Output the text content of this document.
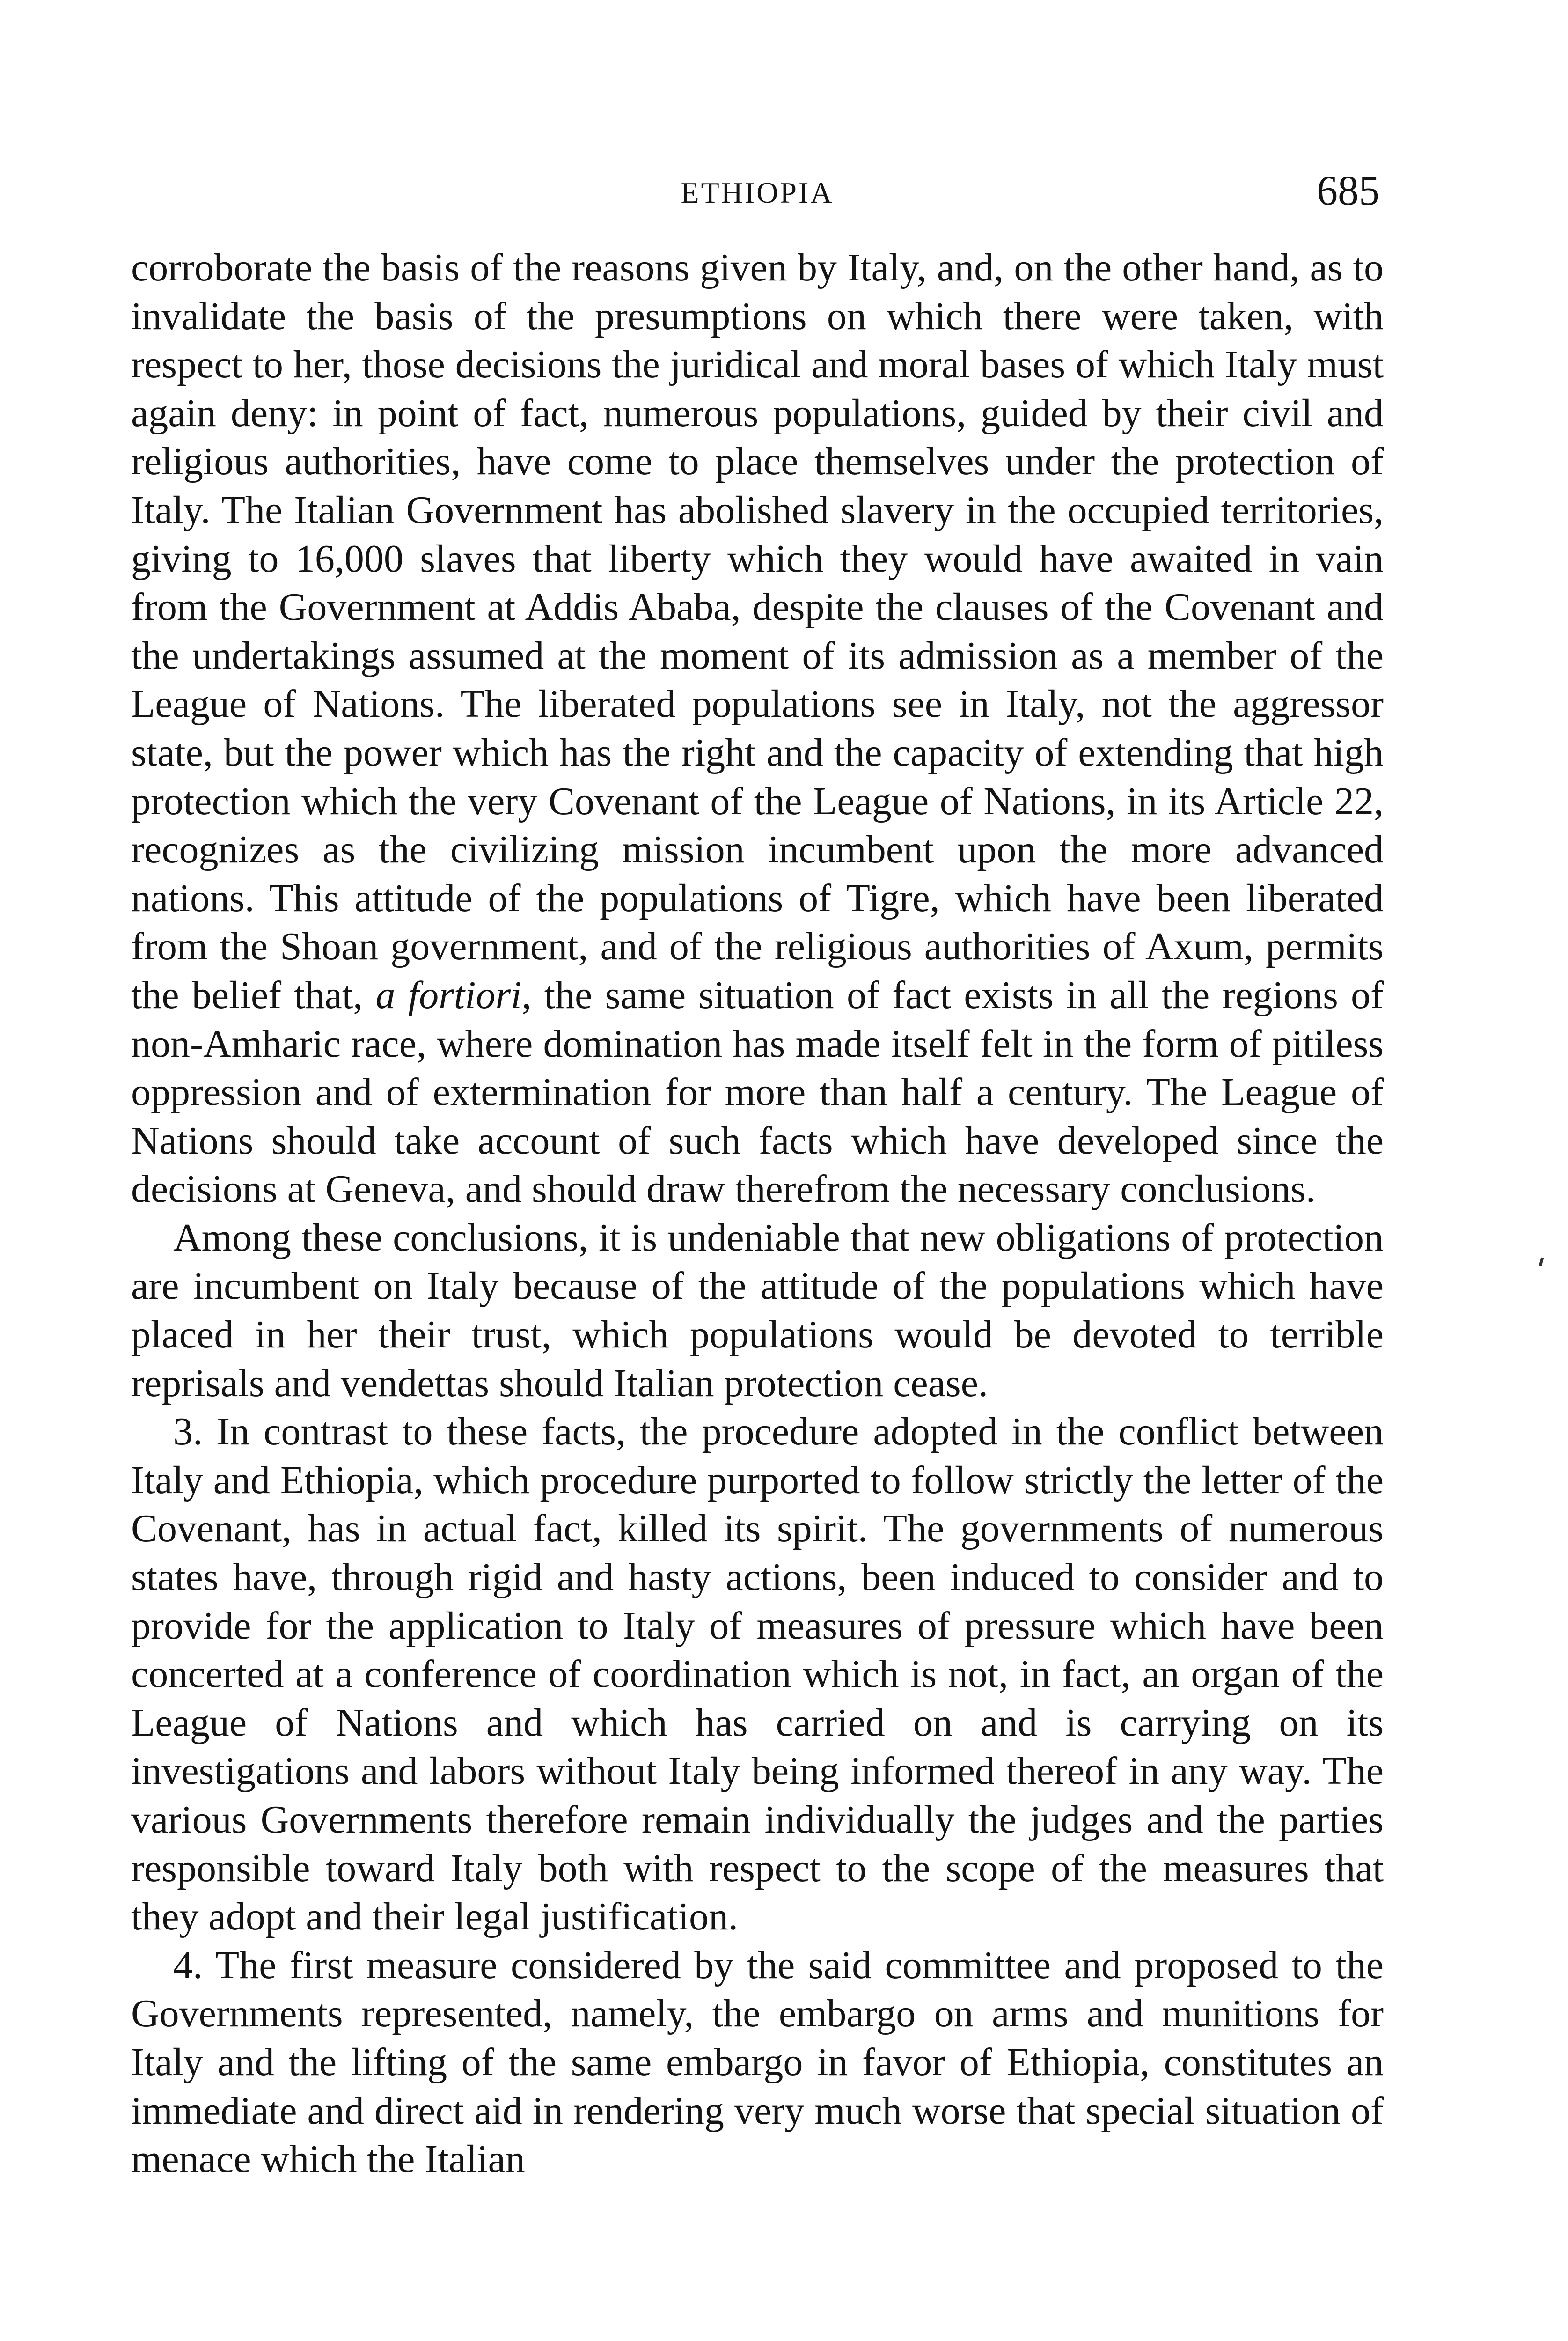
ETHIOPIA	685

corroborate the basis of the reasons given by Italy, and, on the other hand, as to invalidate the basis of the presumptions on which there were taken, with respect to her, those decisions the juridical and moral bases of which Italy must again deny: in point of fact, numerous populations, guided by their civil and religious authorities, have come to place themselves under the protection of Italy. The Italian Government has abolished slavery in the occupied territories, giving to 16,000 slaves that liberty which they would have awaited in vain from the Government at Addis Ababa, despite the clauses of the Covenant and the undertakings assumed at the moment of its admission as a member of the League of Nations. The liberated populations see in Italy, not the aggressor state, but the power which has the right and the capacity of extending that high protection which the very Covenant of the League of Nations, in its Article 22, recognizes as the civilizing mission incumbent upon the more advanced nations. This attitude of the populations of Tigre, which have been liberated from the Shoan government, and of the religious authorities of Axum, permits the belief that, a fortiori, the same situation of fact exists in all the regions of non-Amharic race, where domination has made itself felt in the form of pitiless oppression and of extermination for more than half a century. The League of Nations should take account of such facts which have developed since the decisions at Geneva, and should draw therefrom the necessary conclusions.

Among these conclusions, it is undeniable that new obligations of protection are incumbent on Italy because of the attitude of the populations which have placed in her their trust, which populations would be devoted to terrible reprisals and vendettas should Italian protection cease.

3. In contrast to these facts, the procedure adopted in the conflict between Italy and Ethiopia, which procedure purported to follow strictly the letter of the Covenant, has in actual fact, killed its spirit. The governments of numerous states have, through rigid and hasty actions, been induced to consider and to provide for the application to Italy of measures of pressure which have been concerted at a conference of coordination which is not, in fact, an organ of the League of Nations and which has carried on and is carrying on its investigations and labors without Italy being informed thereof in any way. The various Governments therefore remain individually the judges and the parties responsible toward Italy both with respect to the scope of the measures that they adopt and their legal justification.

4. The first measure considered by the said committee and proposed to the Governments represented, namely, the embargo on arms and munitions for Italy and the lifting of the same embargo in favor of Ethiopia, constitutes an immediate and direct aid in rendering very much worse that special situation of menace which the Italian
